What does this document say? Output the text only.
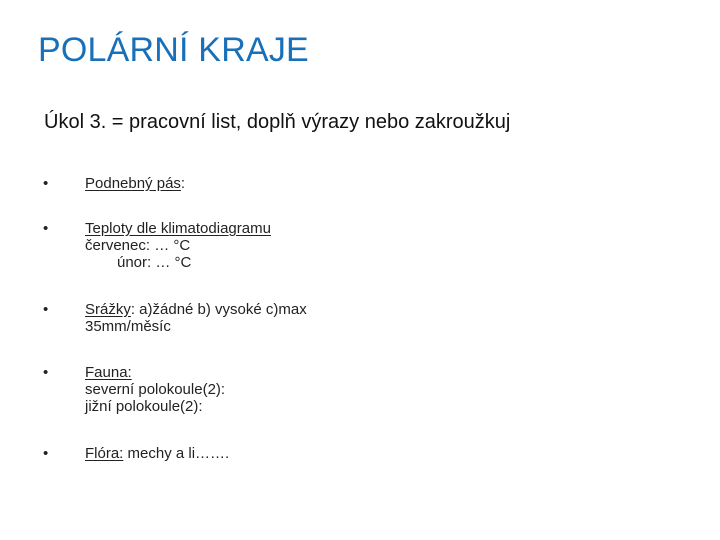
POLÁRNÍ KRAJE
Úkol 3. = pracovní list, doplň výrazy nebo zakroužkuj
• Podnebný pás:
• Teploty dle klimatodiagramu
červenec: … °C
únor: … °C
• Srážky: a)žádné b) vysoké c)max
35mm/měsíc
• Fauna:
severní polokoule(2):
jižní polokoule(2):
• Flóra: mechy a li…….
